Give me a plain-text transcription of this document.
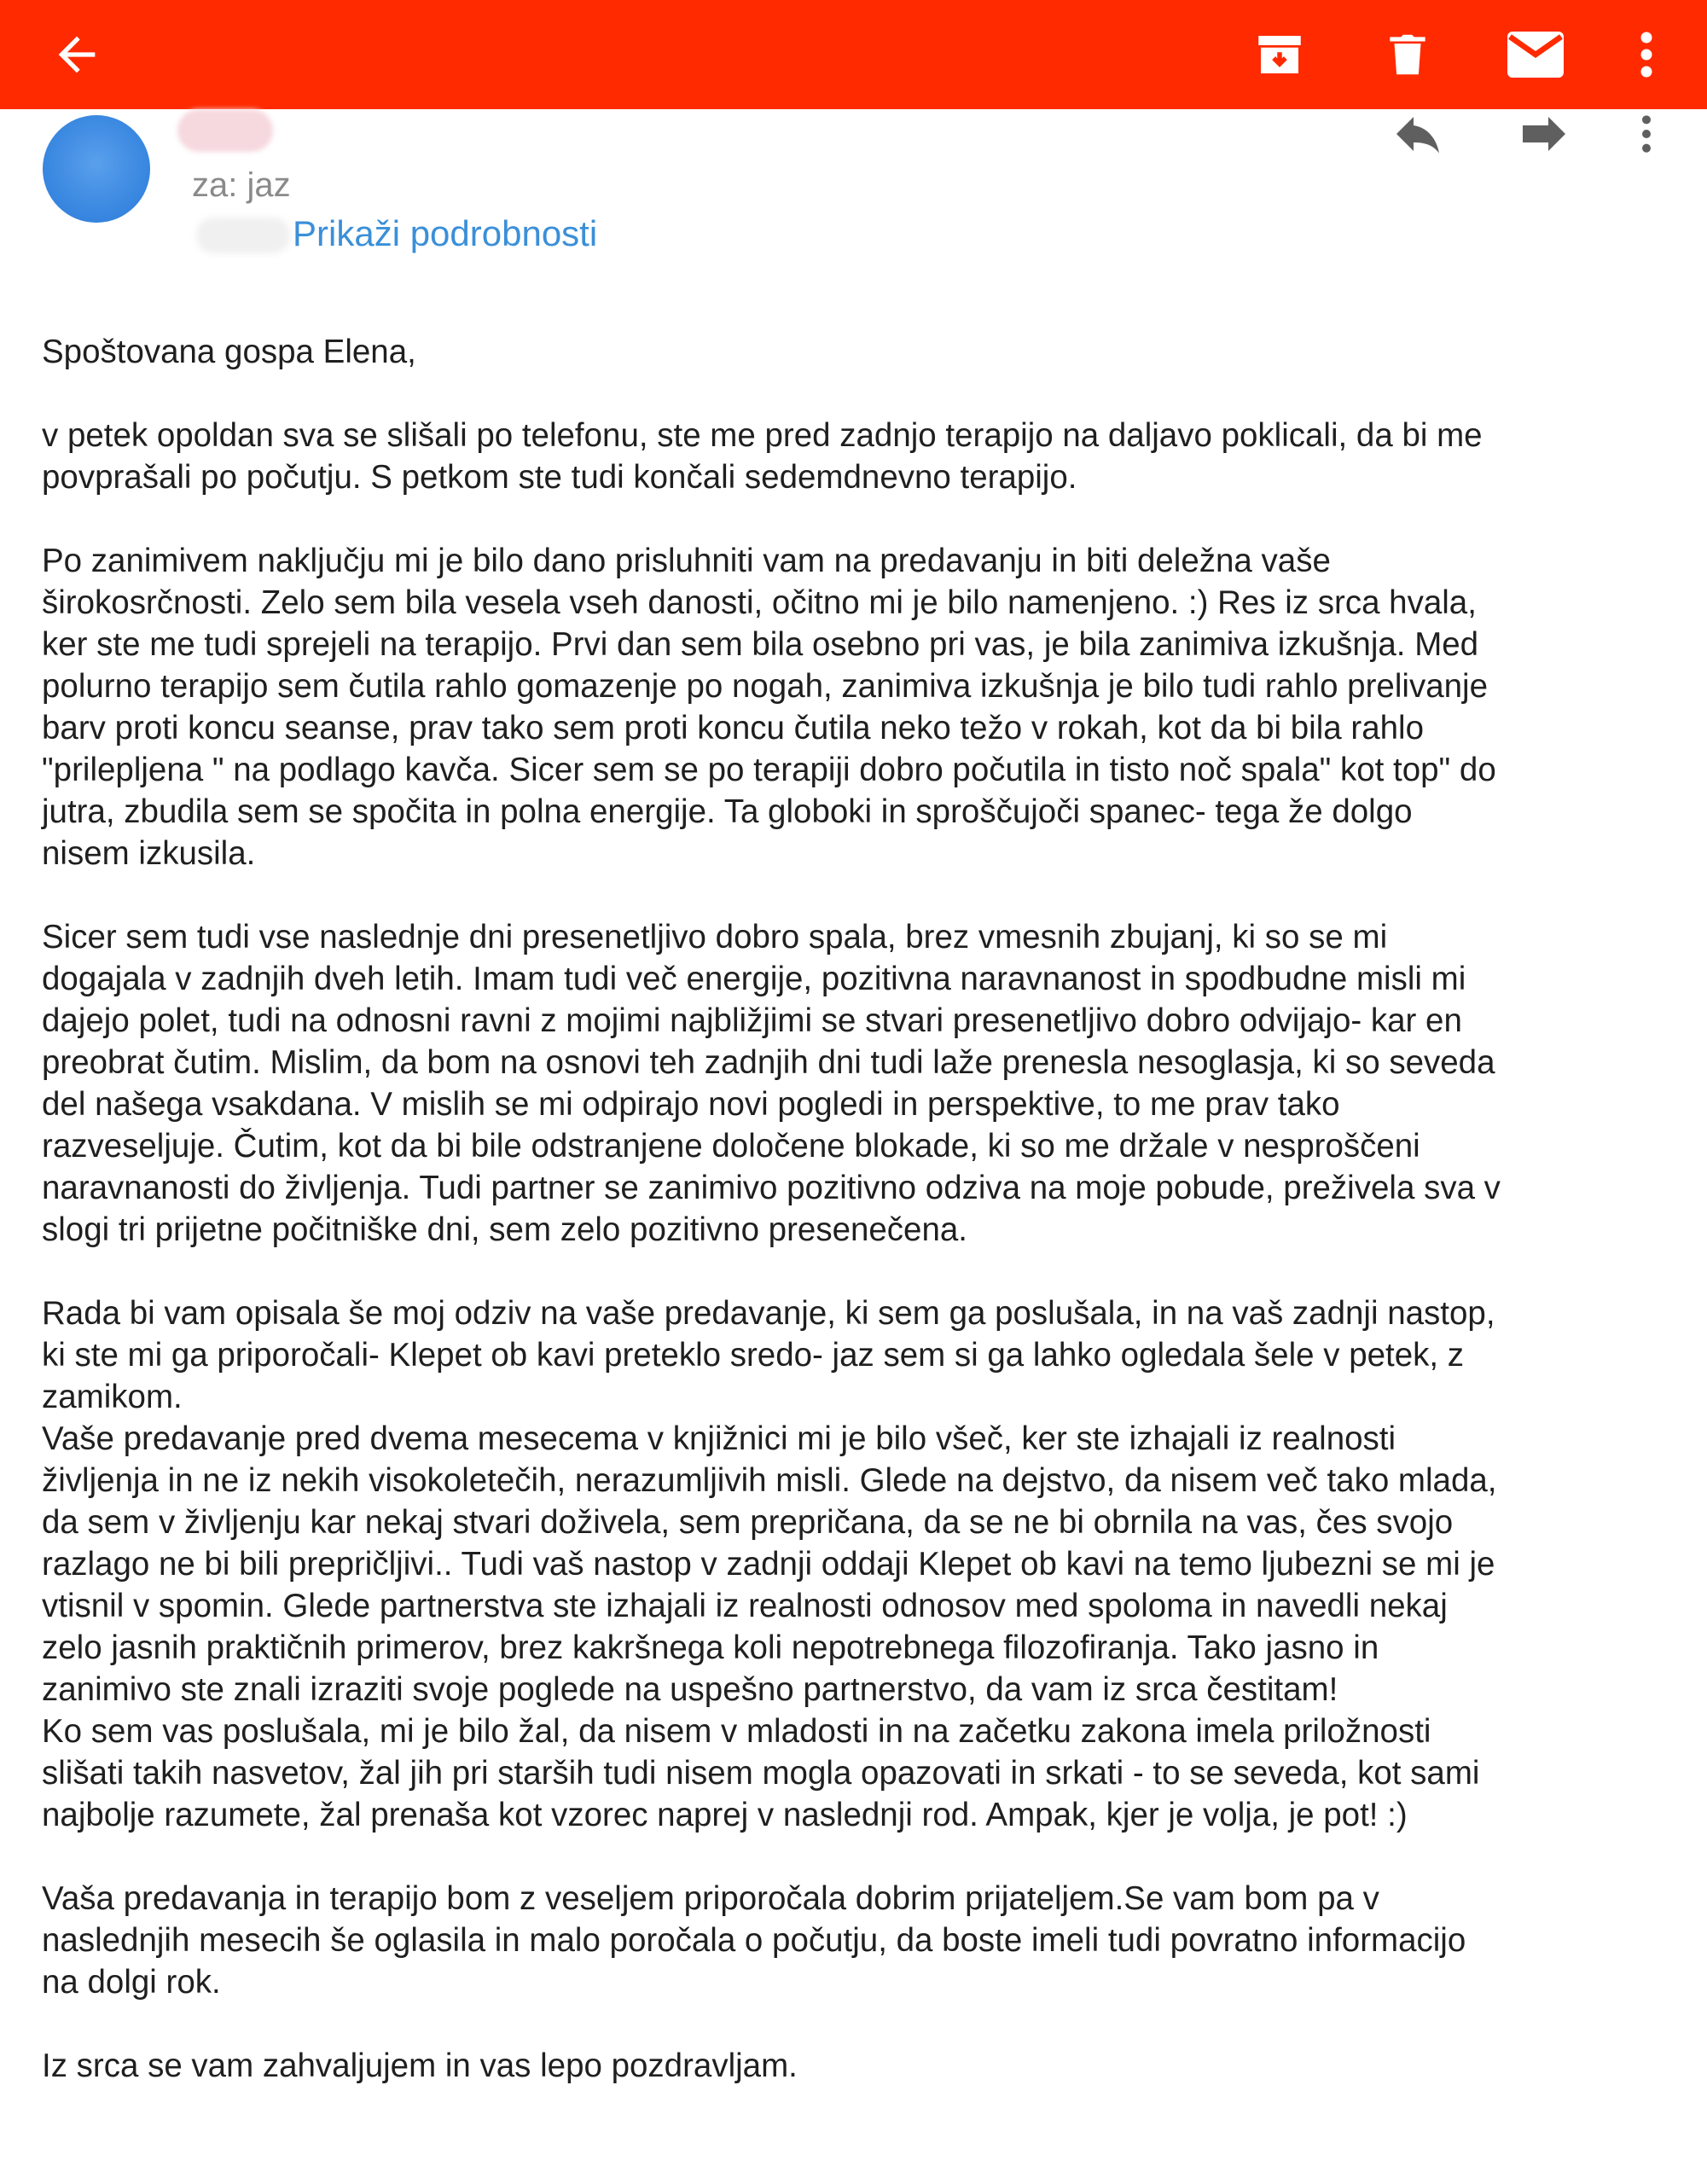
za: jaz
Prikaži podrobnosti

Spoštovana gospa Elena,

v petek opoldan sva se slišali po telefonu, ste me pred zadnjo terapijo na daljavo poklicali, da bi me
povprašali po počutju. S petkom ste tudi končali sedemdnevno terapijo.

Po zanimivem naključju mi je bilo dano prisluhniti vam na predavanju in biti deležna vaše
širokosrčnosti. Zelo sem bila vesela vseh danosti, očitno mi je bilo namenjeno. :) Res iz srca hvala,
ker ste me tudi sprejeli na terapijo. Prvi dan sem bila osebno pri vas, je bila zanimiva izkušnja. Med
polurno terapijo sem čutila rahlo gomazenje po nogah, zanimiva izkušnja je bilo tudi rahlo prelivanje
barv proti koncu seanse, prav tako sem proti koncu čutila neko težo v rokah, kot da bi bila rahlo
"prilepljena " na podlago kavča. Sicer sem se po terapiji dobro počutila in tisto noč spala" kot top" do
jutra, zbudila sem se spočita in polna energije. Ta globoki in sproščujoči spanec- tega že dolgo
nisem izkusila.

Sicer sem tudi vse naslednje dni presenetljivo dobro spala, brez vmesnih zbujanj, ki so se mi
dogajala v zadnjih dveh letih. Imam tudi več energije, pozitivna naravnanost in spodbudne misli mi
dajejo polet, tudi na odnosni ravni z mojimi najbližjimi se stvari presenetljivo dobro odvijajo- kar en
preobrat čutim. Mislim, da bom na osnovi teh zadnjih dni tudi laže prenesla nesoglasja, ki so seveda
del našega vsakdana. V mislih se mi odpirajo novi pogledi in perspektive, to me prav tako
razveseljuje. Čutim, kot da bi bile odstranjene določene blokade, ki so me držale v nesproščeni
naravnanosti do življenja. Tudi partner se zanimivo pozitivno odziva na moje pobude, preživela sva v
slogi tri prijetne počitniške dni, sem zelo pozitivno presenečena.

Rada bi vam opisala še moj odziv na vaše predavanje, ki sem ga poslušala, in na vaš zadnji nastop,
ki ste mi ga priporočali- Klepet ob kavi preteklo sredo- jaz sem si ga lahko ogledala šele v petek, z
zamikom.
Vaše predavanje pred dvema mesecema v knjižnici mi je bilo všeč, ker ste izhajali iz realnosti
življenja in ne iz nekih visokoletečih, nerazumljivih misli. Glede na dejstvo, da nisem več tako mlada,
da sem v življenju kar nekaj stvari doživela, sem prepričana, da se ne bi obrnila na vas, čes svojo
razlago ne bi bili prepričljivi.. Tudi vaš nastop v zadnji oddaji Klepet ob kavi na temo ljubezni se mi je
vtisnil v spomin. Glede partnerstva ste izhajali iz realnosti odnosov med spoloma in navedli nekaj
zelo jasnih praktičnih primerov, brez kakršnega koli nepotrebnega filozofiranja. Tako jasno in
zanimivo ste znali izraziti svoje poglede na uspešno partnerstvo, da vam iz srca čestitam!
Ko sem vas poslušala, mi je bilo žal, da nisem v mladosti in na začetku zakona imela priložnosti
slišati takih nasvetov, žal jih pri starših tudi nisem mogla opazovati in srkati - to se seveda, kot sami
najbolje razumete, žal prenaša kot vzorec naprej v naslednji rod. Ampak, kjer je volja, je pot! :)

Vaša predavanja in terapijo bom z veseljem priporočala dobrim prijateljem.Se vam bom pa v
naslednjih mesecih še oglasila in malo poročala o počutju, da boste imeli tudi povratno informacijo
na dolgi rok.

Iz srca se vam zahvaljujem in vas lepo pozdravljam.
